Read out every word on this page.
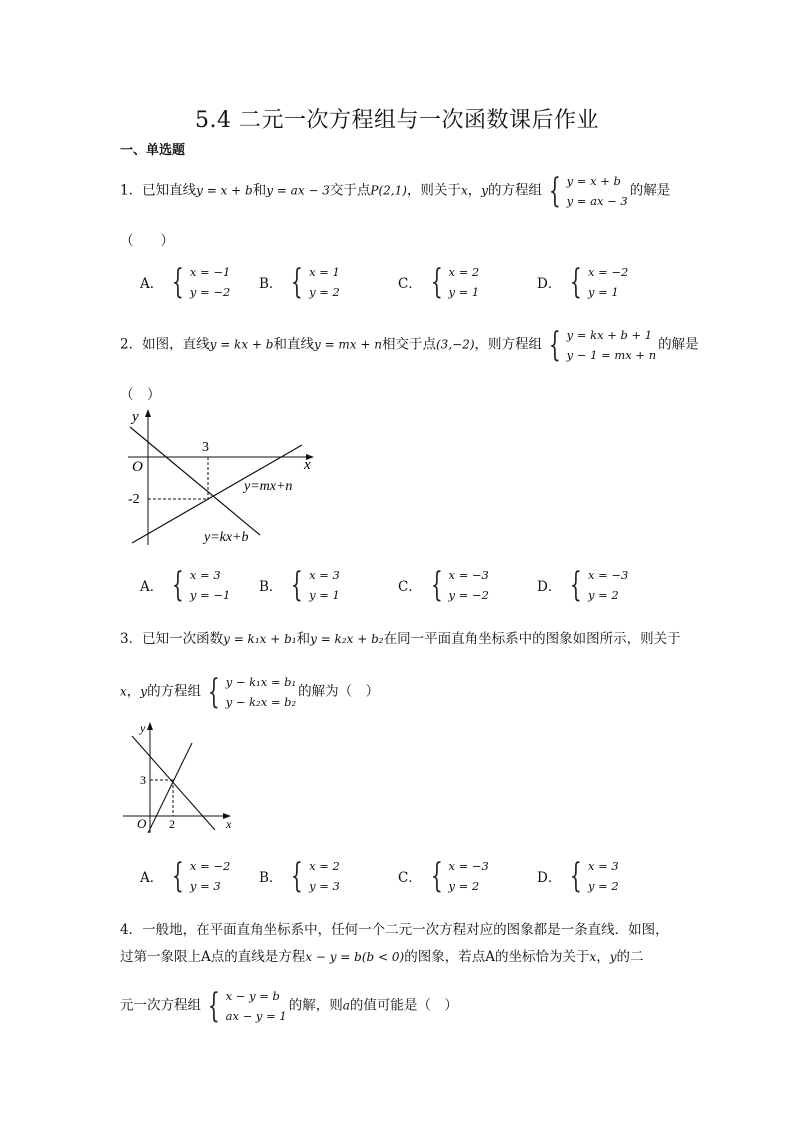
5.4 二元一次方程组与一次函数课后作业
一、单选题
1．已知直线y = x + b和y = ax − 3交于点P(2,1)，则关于x，y的方程组 { y = x + b
y = ax − 3
的解是
（　　）
A． { x = −1
y = −2 B． { x = 1
y = 2	C． { x = 2
y = 1	D． { x = −2
y = 1
2．如图，直线y = kx + b和直线y = mx + n相交于点(3,−2)，则方程组 { y = kx + b + 1
y − 1 = mx + n
的解是
（　）
y
x
O
3
-2
y=mx+n
y=kx+b
A． { x = 3
y = −1 B． { x = 3
y = 1	C． { x = −3
y = −2	D． { x = −3
y = 2
3．已知一次函数y = k₁x + b₁和y = k₂x + b₂在同一平面直角坐标系中的图象如图所示，则关于
x，y的方程组 { y − k₁x = b₁
y − k₂x = b₂
的解为（　）
y
x
O 2
3
A． { x = −2
y = 3	B． { x = 2
y = 3	C． { x = −3
y = 2	D． { x = 3
y = 2
4．一般地，在平面直角坐标系中，任何一个二元一次方程对应的图象都是一条直线．如图，
过第一象限上A点的直线是方程x − y = b(b < 0)的图象，若点A的坐标恰为关于x，y的二
元一次方程组 { x − y = b
ax − y = 1
的解，则a的值可能是（　）
